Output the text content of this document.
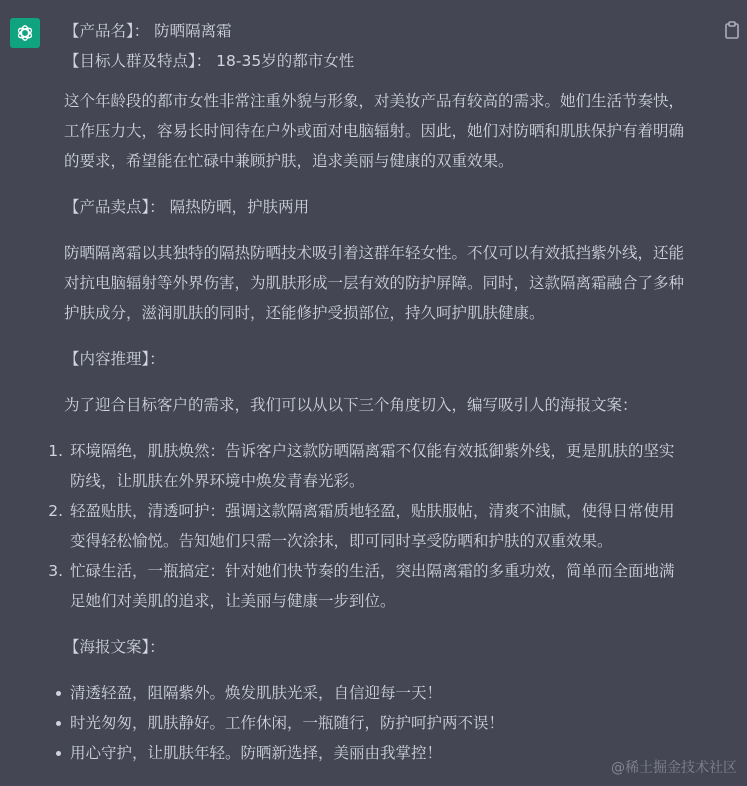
【产品名】： 防晒隔离霜
【目标人群及特点】： 18-35岁的都市女性
这个年龄段的都市女性非常注重外貌与形象，对美妆产品有较高的需求。她们生活节奏快，
工作压力大，容易长时间待在户外或面对电脑辐射。因此，她们对防晒和肌肤保护有着明确
的要求，希望能在忙碌中兼顾护肤，追求美丽与健康的双重效果。
【产品卖点】： 隔热防晒，护肤两用
防晒隔离霜以其独特的隔热防晒技术吸引着这群年轻女性。不仅可以有效抵挡紫外线，还能
对抗电脑辐射等外界伤害，为肌肤形成一层有效的防护屏障。同时，这款隔离霜融合了多种
护肤成分，滋润肌肤的同时，还能修护受损部位，持久呵护肌肤健康。
【内容推理】：
为了迎合目标客户的需求，我们可以从以下三个角度切入，编写吸引人的海报文案：
1. 环境隔绝，肌肤焕然：告诉客户这款防晒隔离霜不仅能有效抵御紫外线，更是肌肤的坚实
防线，让肌肤在外界环境中焕发青春光彩。
2. 轻盈贴肤，清透呵护：强调这款隔离霜质地轻盈，贴肤服帖，清爽不油腻，使得日常使用
变得轻松愉悦。告知她们只需一次涂抹，即可同时享受防晒和护肤的双重效果。
3. 忙碌生活，一瓶搞定：针对她们快节奏的生活，突出隔离霜的多重功效，简单而全面地满
足她们对美肌的追求，让美丽与健康一步到位。
【海报文案】：
清透轻盈，阻隔紫外。焕发肌肤光采，自信迎每一天！
时光匆匆，肌肤静好。工作休闲，一瓶随行，防护呵护两不误！
用心守护，让肌肤年轻。防晒新选择，美丽由我掌控！
@稀土掘金技术社区
